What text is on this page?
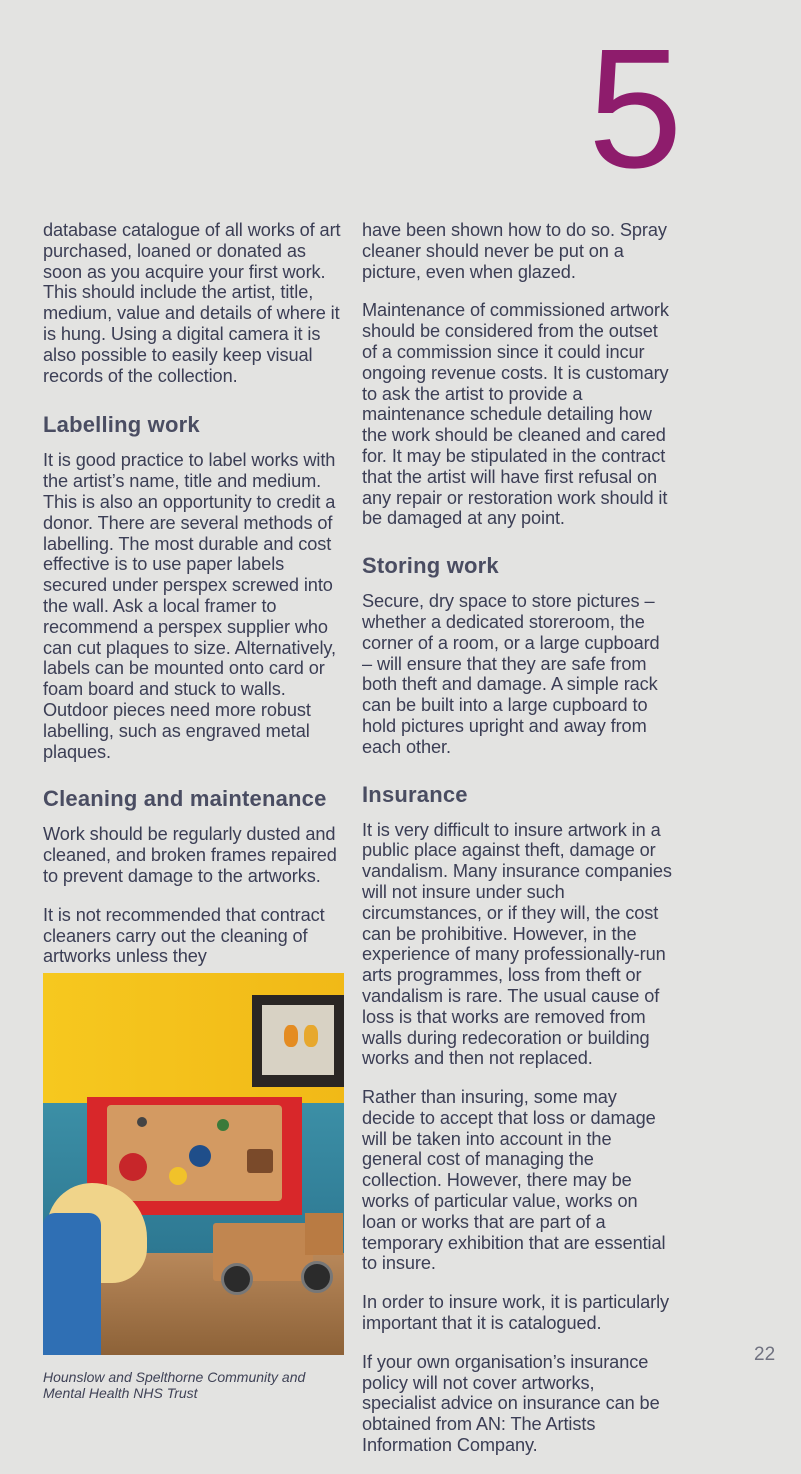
5

database catalogue of all works of art purchased, loaned or donated as soon as you acquire your first work. This should include the artist, title, medium, value and details of where it is hung. Using a digital camera it is also possible to easily keep visual records of the collection.

Labelling work

It is good practice to label works with the artist’s name, title and medium. This is also an opportunity to credit a donor. There are several methods of labelling. The most durable and cost effective is to use paper labels secured under perspex screwed into the wall. Ask a local framer to recommend a perspex supplier who can cut plaques to size. Alternatively, labels can be mounted onto card or foam board and stuck to walls. Outdoor pieces need more robust labelling, such as engraved metal plaques.

Cleaning and maintenance

Work should be regularly dusted and cleaned, and broken frames repaired to prevent damage to the artworks.

It is not recommended that contract cleaners carry out the cleaning of artworks unless they

Hounslow and Spelthorne Community and Mental Health NHS Trust

have been shown how to do so. Spray cleaner should never be put on a picture, even when glazed.

Maintenance of commissioned artwork should be considered from the outset of a commission since it could incur ongoing revenue costs. It is customary to ask the artist to provide a maintenance schedule detailing how the work should be cleaned and cared for. It may be stipulated in the contract that the artist will have first refusal on any repair or restoration work should it be damaged at any point.

Storing work

Secure, dry space to store pictures – whether a dedicated storeroom, the corner of a room, or a large cupboard – will ensure that they are safe from both theft and damage. A simple rack can be built into a large cupboard to hold pictures upright and away from each other.

Insurance

It is very difficult to insure artwork in a public place against theft, damage or vandalism. Many insurance companies will not insure under such circumstances, or if they will, the cost can be prohibitive. However, in the experience of many professionally-run arts programmes, loss from theft or vandalism is rare. The usual cause of loss is that works are removed from walls during redecoration or building works and then not replaced.

Rather than insuring, some may decide to accept that loss or damage will be taken into account in the general cost of managing the collection. However, there may be works of particular value, works on loan or works that are part of a temporary exhibition that are essential to insure.

In order to insure work, it is particularly important that it is catalogued.

If your own organisation’s insurance policy will not cover artworks, specialist advice on insurance can be obtained from AN: The Artists Information Company.

22
